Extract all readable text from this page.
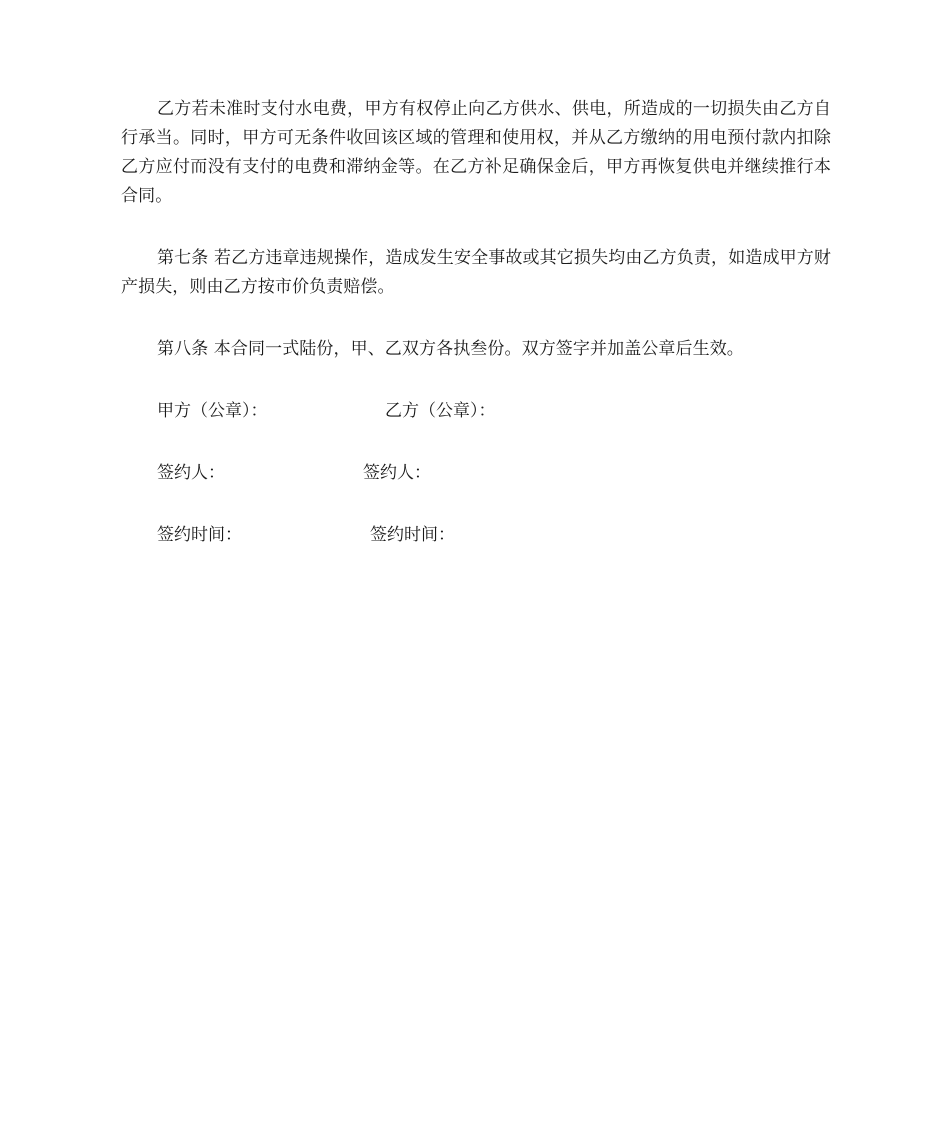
乙方若未准时支付水电费，甲方有权停止向乙方供水、供电，所造成的一切损失由乙方自行承当。同时，甲方可无条件收回该区域的管理和使用权，并从乙方缴纳的用电预付款内扣除乙方应付而没有支付的电费和滞纳金等。在乙方补足确保金后，甲方再恢复供电并继续推行本合同。

第七条 若乙方违章违规操作，造成发生安全事故或其它损失均由乙方负责，如造成甲方财产损失，则由乙方按市价负责赔偿。

第八条 本合同一式陆份，甲、乙双方各执叁份。双方签字并加盖公章后生效。

甲方（公章）：	乙方（公章）：
签约人：	签约人：
签约时间：	签约时间：
